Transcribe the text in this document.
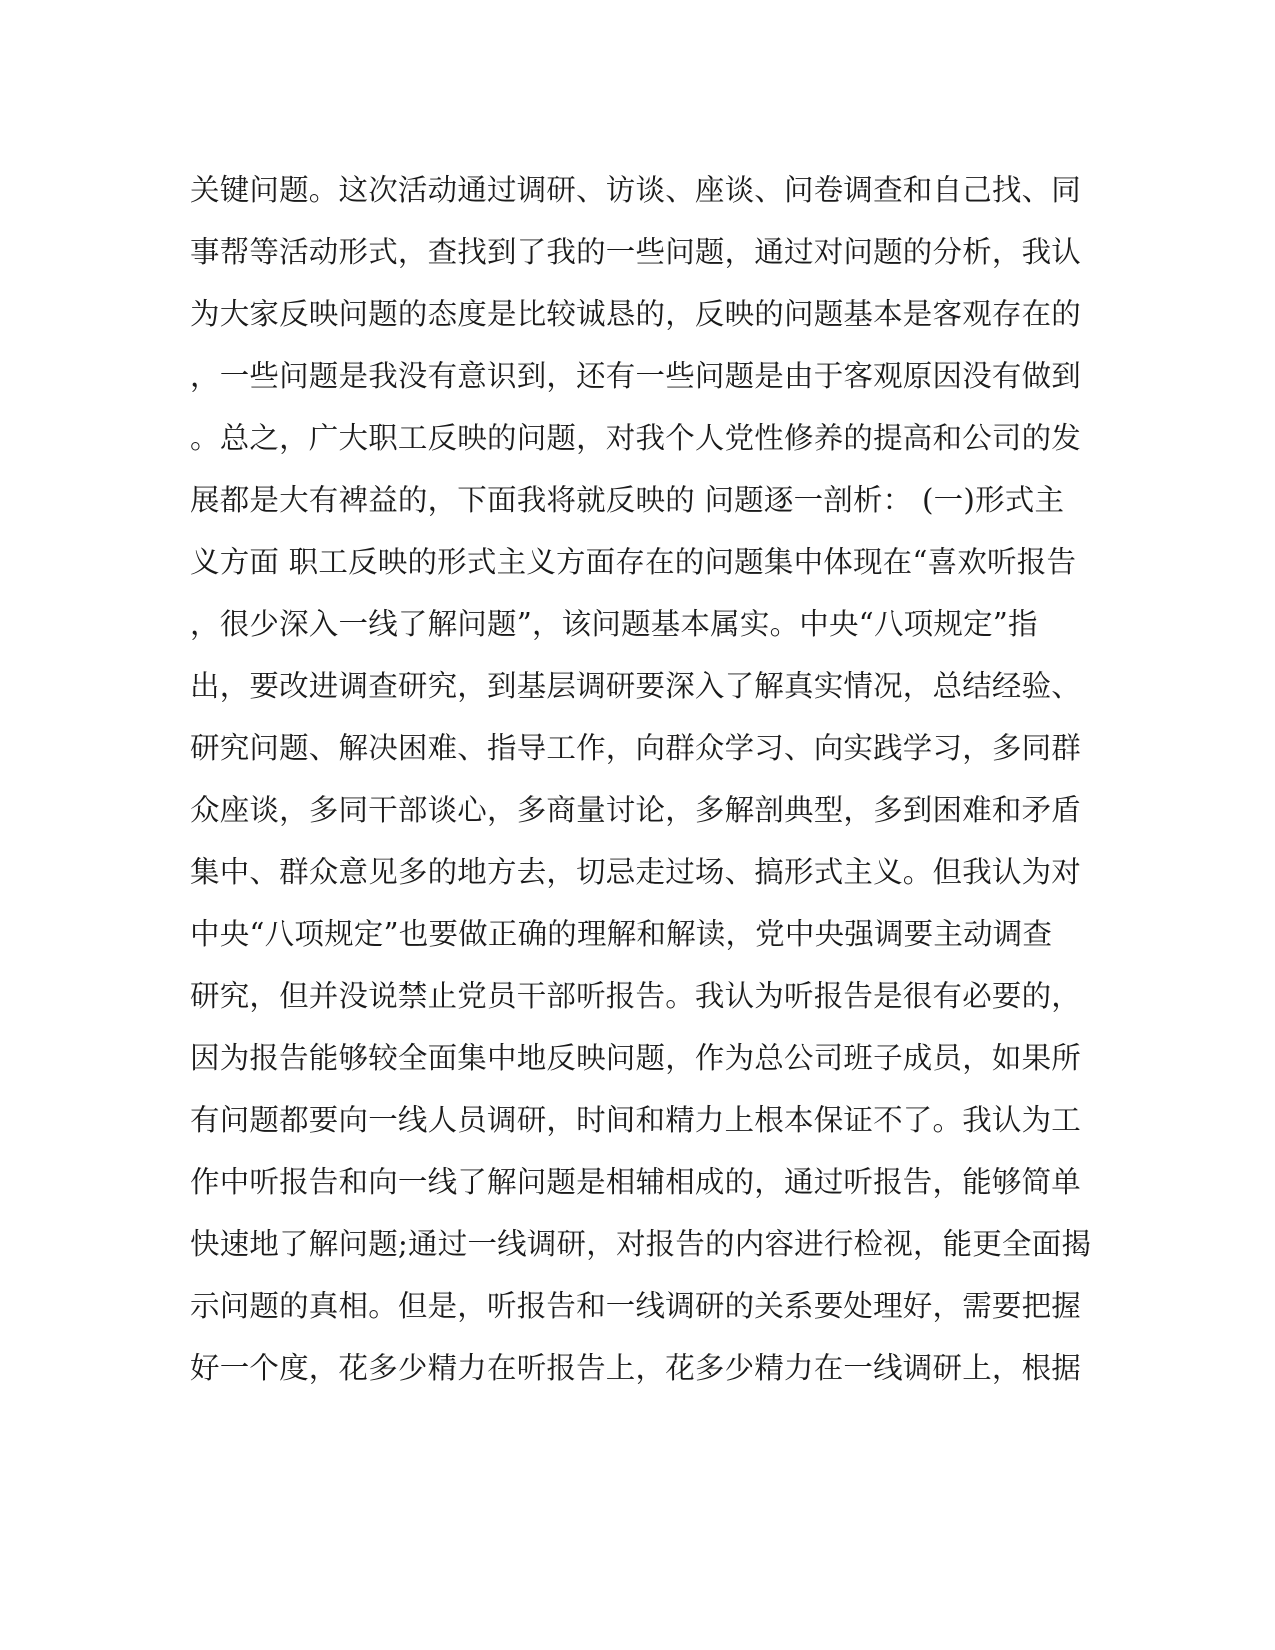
关键问题。这次活动通过调研、访谈、座谈、问卷调查和自己找、同
事帮等活动形式，查找到了我的一些问题，通过对问题的分析，我认
为大家反映问题的态度是比较诚恳的，反映的问题基本是客观存在的
，一些问题是我没有意识到，还有一些问题是由于客观原因没有做到
。总之，广大职工反映的问题，对我个人党性修养的提高和公司的发
展都是大有裨益的，下面我将就反映的 问题逐一剖析： (一)形式主
义方面 职工反映的形式主义方面存在的问题集中体现在“喜欢听报告
，很少深入一线了解问题”，该问题基本属实。中央“八项规定”指
出，要改进调查研究，到基层调研要深入了解真实情况，总结经验、
研究问题、解决困难、指导工作，向群众学习、向实践学习，多同群
众座谈，多同干部谈心，多商量讨论，多解剖典型，多到困难和矛盾
集中、群众意见多的地方去，切忌走过场、搞形式主义。但我认为对
中央“八项规定”也要做正确的理解和解读，党中央强调要主动调查
研究，但并没说禁止党员干部听报告。我认为听报告是很有必要的，
因为报告能够较全面集中地反映问题，作为总公司班子成员，如果所
有问题都要向一线人员调研，时间和精力上根本保证不了。我认为工
作中听报告和向一线了解问题是相辅相成的，通过听报告，能够简单
快速地了解问题;通过一线调研，对报告的内容进行检视，能更全面揭
示问题的真相。但是，听报告和一线调研的关系要处理好，需要把握
好一个度，花多少精力在听报告上，花多少精力在一线调研上，根据
